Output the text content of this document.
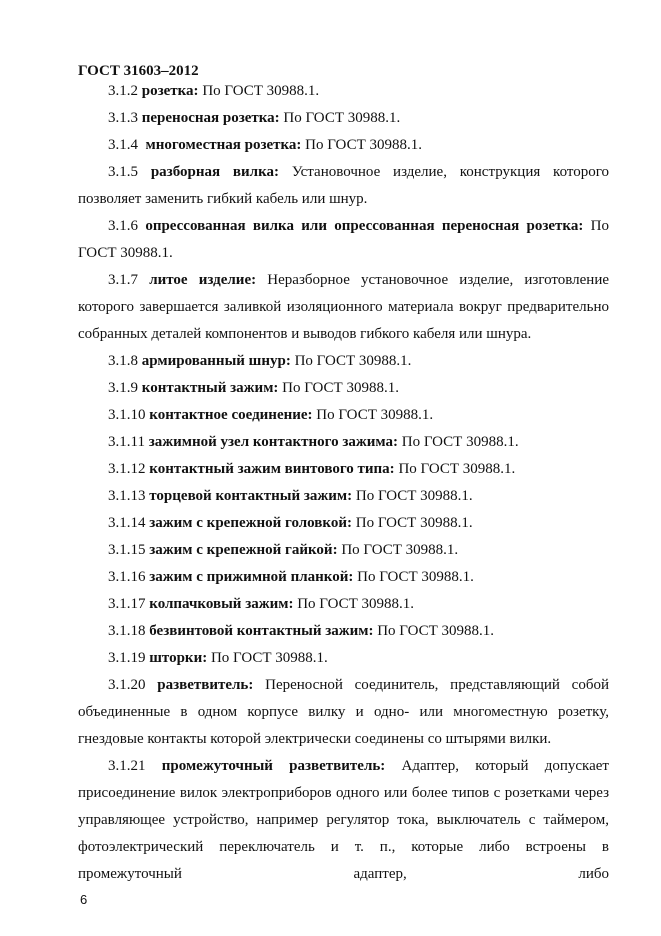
ГОСТ 31603–2012

3.1.2 розетка: По ГОСТ 30988.1.

3.1.3 переносная розетка: По ГОСТ 30988.1.

3.1.4 многоместная розетка: По ГОСТ 30988.1.

3.1.5 разборная вилка: Установочное изделие, конструкция которого позволяет заменить гибкий кабель или шнур.

3.1.6 опрессованная вилка или опрессованная переносная розетка: По ГОСТ 30988.1.

3.1.7 литое изделие: Неразборное установочное изделие, изготовление которого завершается заливкой изоляционного материала вокруг предварительно собранных деталей компонентов и выводов гибкого кабеля или шнура.

3.1.8 армированный шнур: По ГОСТ 30988.1.

3.1.9 контактный зажим: По ГОСТ 30988.1.

3.1.10 контактное соединение: По ГОСТ 30988.1.

3.1.11 зажимной узел контактного зажима: По ГОСТ 30988.1.

3.1.12 контактный зажим винтового типа: По ГОСТ 30988.1.

3.1.13 торцевой контактный зажим: По ГОСТ 30988.1.

3.1.14 зажим с крепежной головкой: По ГОСТ 30988.1.

3.1.15 зажим с крепежной гайкой: По ГОСТ 30988.1.

3.1.16 зажим с прижимной планкой: По ГОСТ 30988.1.

3.1.17 колпачковый зажим: По ГОСТ 30988.1.

3.1.18 безвинтовой контактный зажим: По ГОСТ 30988.1.

3.1.19 шторки: По ГОСТ 30988.1.

3.1.20 разветвитель: Переносной соединитель, представляющий собой объединенные в одном корпусе вилку и одно- или многоместную розетку, гнездовые контакты которой электрически соединены со штырями вилки.

3.1.21 промежуточный разветвитель: Адаптер, который допускает присоединение вилок электроприборов одного или более типов с розетками через управляющее устройство, например регулятор тока, выключатель с таймером, фотоэлектрический переключатель и т. п., которые либо встроены в промежуточный адаптер, либо

6
